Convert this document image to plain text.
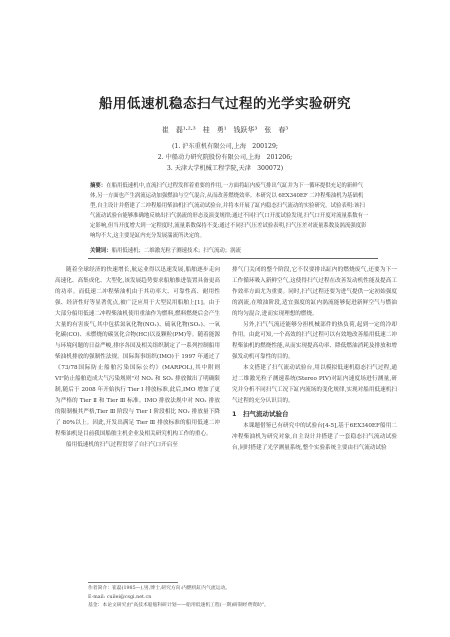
船用低速机稳态扫气过程的光学实验研究
崔　磊¹·²·³　桂　勇¹　钱跃华³　张　春³
(1. 沪东重机有限公司,上海　200129;
2. 中船动力研究院股份有限公司,上海　201206;
3. 天津大学机械工程学院,天津　300072)
摘要：在船用低速机中,直流扫气过程发挥着重要的作用,一方面将缸内废气排出气缸并为下一循环提供充足的新鲜气体,另一方面也产生涡流运动加强燃油与空气混合,从而改善燃烧效率。本研究以 6EX340EF 二冲程柴油机为基础机型,自主设计并搭建了二冲程船用柴油机扫气流动试验台,并将本开展了缸内稳态扫气流动的实验研究。试验表明:该扫气流动试验台能够准确地反映出扫气涡流的形态及演变规律;通过不同扫气口开度试验发现,扫气口开度对流量系数有一定影响,但当开度增大到一定程度时,流量系数保持不变;通过不同扫气压差试验表明,扫气压差对流量系数及涡流强度影响均不大,这主要是缸内充分发展湍流所决定的。
关键词：船用低速机；二维激光粒子测速技术；扫气流动；涡流

随着全球经济的快速增长,航运业得以迅速发展,船舶逐步走向高速化、高集成化、大型化,该发展趋势要求船舶推进装置具备更高的功率。而低速二冲程柴油机由于其功率大、可靠性高、耐用性强、经济性好等显著优点,被广泛应用于大型民用船舶上[1]。由于大部分船用低速二冲程柴油机使用重油作为燃料,燃料燃烧后会产生大量的有害废气,其中包括氮氧化物(NOₓ)、硫氧化物(SOₓ)、一氧化碳(CO)、未燃烧的碳氢化合物(HC)以及颗粒(PM)等。随着能源与环境问题的日益严峻,排序各国及相关组织制定了一系列控制船用柴油机排放的强制性法规。国际海事组织(IMO)于 1997 年通过了《73/78国际防止船舶污染国际公约》(MARPOL),其中附则 VI"防止船舶造成大气污染规则"对 NOₓ 和 SOₓ 排放做出了明确限制,随后于 2008 年开始执行 Tier I 排放标准,此后,IMO 增加了更为严格的 Tier Ⅱ 和 Tier Ⅲ 标准。IMO 排放法规中对 NOₓ 排放的限制极其严格,Tier Ⅲ 阶段与 Tier Ⅰ 阶段相比 NOₓ 排放量下降了 80%以上。因此,开发出满足 Tier Ⅲ 排放标准的船用低速二冲程柴油机是目前我国船舶主机企业及相关研究机构工作的重心。

船用低速机的扫气过程贯穿了自扫气口开启至

排气门关闭的整个阶段,它不仅要排出缸内的燃烧废气,还要为下一工作循环吸入新鲜空气,这使得扫气过程在改善发动机性能及提高工作效率方面尤为重要。同时,扫气过程还要为进气提供一定初始强度的涡流,在喷油阶段,适宜强度的缸内涡流能够促进新鲜空气与燃油的均匀混合,进而实现理想的燃烧。

另外,扫气气流还能够分担机械部件的热负荷,起到一定的冷却作用。由此可知,一个高效的扫气过程可以有效地改善船用低速二冲程柴油机的燃烧性能,从而实现提高功率、降低燃油消耗及排放和增强发动机可靠性的目的。

本文搭建了扫气流动试验台,用以模拟低速机稳态扫气过程,通过二维激光粒子测速系统(Stereo PIV)对缸内速度场进行测量,研究并分析不同扫气工况下缸内流场的变化规律,实现对船用低速机扫气过程的充分认识目的。

1　扫气流动试验台

本课题借鉴已有研究中的试验台[4-5],基于6EX340EF船用二冲程柴油机为研究对象,自主设计并搭建了一套稳态扫气流动试验台,同时搭建了光学测量系统,整个实验系统主要由扫气流动试验

作者简介：崔磊(1985—),男,博士,研究方向:内燃机缸内气流运动。
E-mail: cuilei@csgi.net.cn
基金：本论文研究由"高技术船舶科研计划——船用低速机工程(一期)研制经费资助"。
